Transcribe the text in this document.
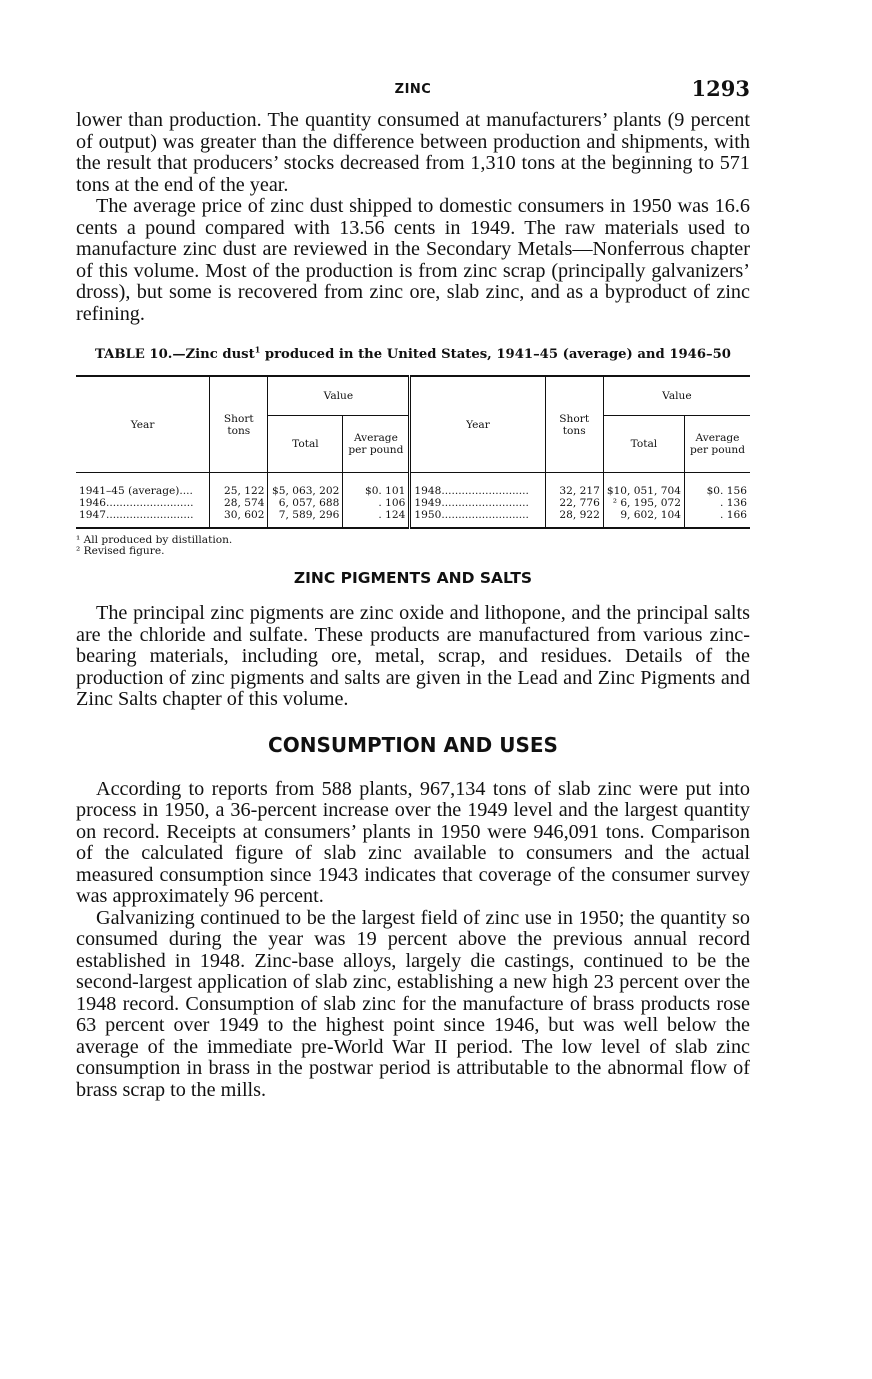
ZINC	1293

lower than production. The quantity consumed at manufacturers’ plants (9 percent of output) was greater than the difference between production and shipments, with the result that producers’ stocks decreased from 1,310 tons at the beginning to 571 tons at the end of the year.

The average price of zinc dust shipped to domestic consumers in 1950 was 16.6 cents a pound compared with 13.56 cents in 1949. The raw materials used to manufacture zinc dust are reviewed in the Secondary Metals—Nonferrous chapter of this volume. Most of the production is from zinc scrap (principally galvanizers’ dross), but some is recovered from zinc ore, slab zinc, and as a byproduct of zinc refining.

TABLE 10.—Zinc dust$^1$ produced in the United States, 1941–45 (average) and 1946–50
Year	Short tons	Value		Year	Short tons	Value	
		Total	Average per pound			Total	Average per pound
1941–45 (average)....	25, 122	$5, 063, 202	$0. 101	1948..........................	32, 217	$10, 051, 704	$0. 156
1946..........................	28, 574	6, 057, 688	. 106	1949..........................	22, 776	² 6, 195, 072	. 136
1947..........................	30, 602	7, 589, 296	. 124	1950..........................	28, 922	9, 602, 104	. 166
¹ All produced by distillation.
² Revised figure.
ZINC PIGMENTS AND SALTS

The principal zinc pigments are zinc oxide and lithopone, and the principal salts are the chloride and sulfate. These products are manufactured from various zinc-bearing materials, including ore, metal, scrap, and residues. Details of the production of zinc pigments and salts are given in the Lead and Zinc Pigments and Zinc Salts chapter of this volume.

CONSUMPTION AND USES

According to reports from 588 plants, 967,134 tons of slab zinc were put into process in 1950, a 36-percent increase over the 1949 level and the largest quantity on record. Receipts at consumers’ plants in 1950 were 946,091 tons. Comparison of the calculated figure of slab zinc available to consumers and the actual measured consumption since 1943 indicates that coverage of the consumer survey was approximately 96 percent.

Galvanizing continued to be the largest field of zinc use in 1950; the quantity so consumed during the year was 19 percent above the previous annual record established in 1948. Zinc-base alloys, largely die castings, continued to be the second-largest application of slab zinc, establishing a new high 23 percent over the 1948 record. Consumption of slab zinc for the manufacture of brass products rose 63 percent over 1949 to the highest point since 1946, but was well below the average of the immediate pre-World War II period. The low level of slab zinc consumption in brass in the postwar period is attributable to the abnormal flow of brass scrap to the mills.
